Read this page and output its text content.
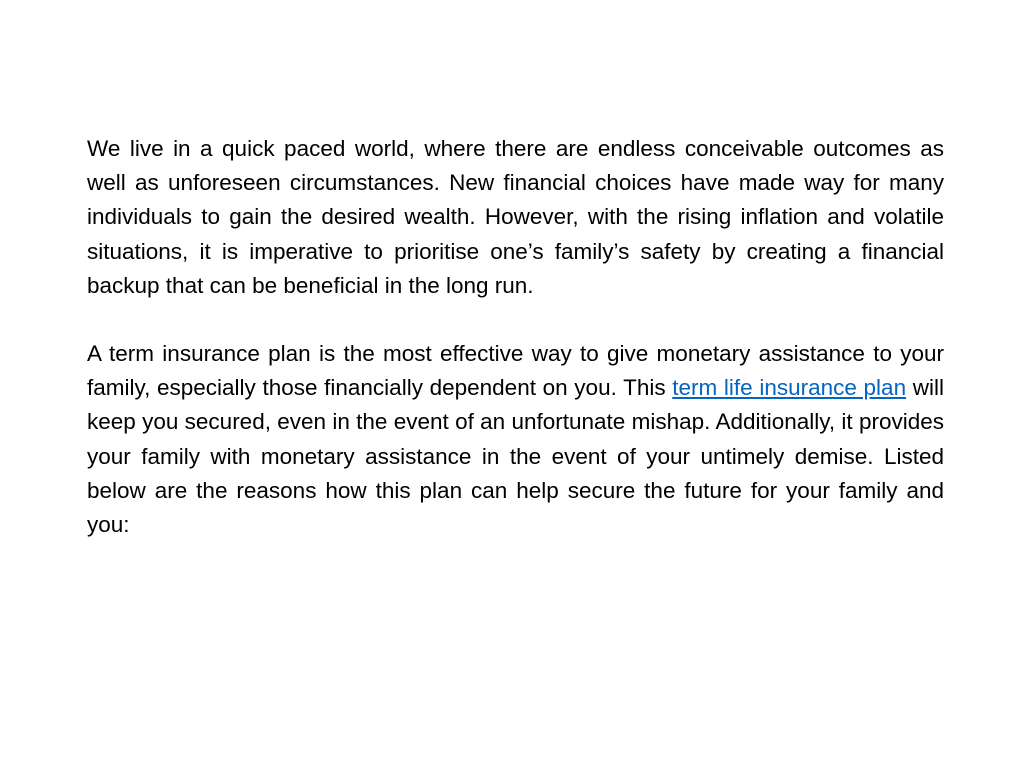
We live in a quick paced world, where there are endless conceivable outcomes as well as unforeseen circumstances. New financial choices have made way for many individuals to gain the desired wealth. However, with the rising inflation and volatile situations, it is imperative to prioritise one’s family’s safety by creating a financial backup that can be beneficial in the long run.

A term insurance plan is the most effective way to give monetary assistance to your family, especially those financially dependent on you. This term life insurance plan will keep you secured, even in the event of an unfortunate mishap. Additionally, it provides your family with monetary assistance in the event of your untimely demise. Listed below are the reasons how this plan can help secure the future for your family and you:
